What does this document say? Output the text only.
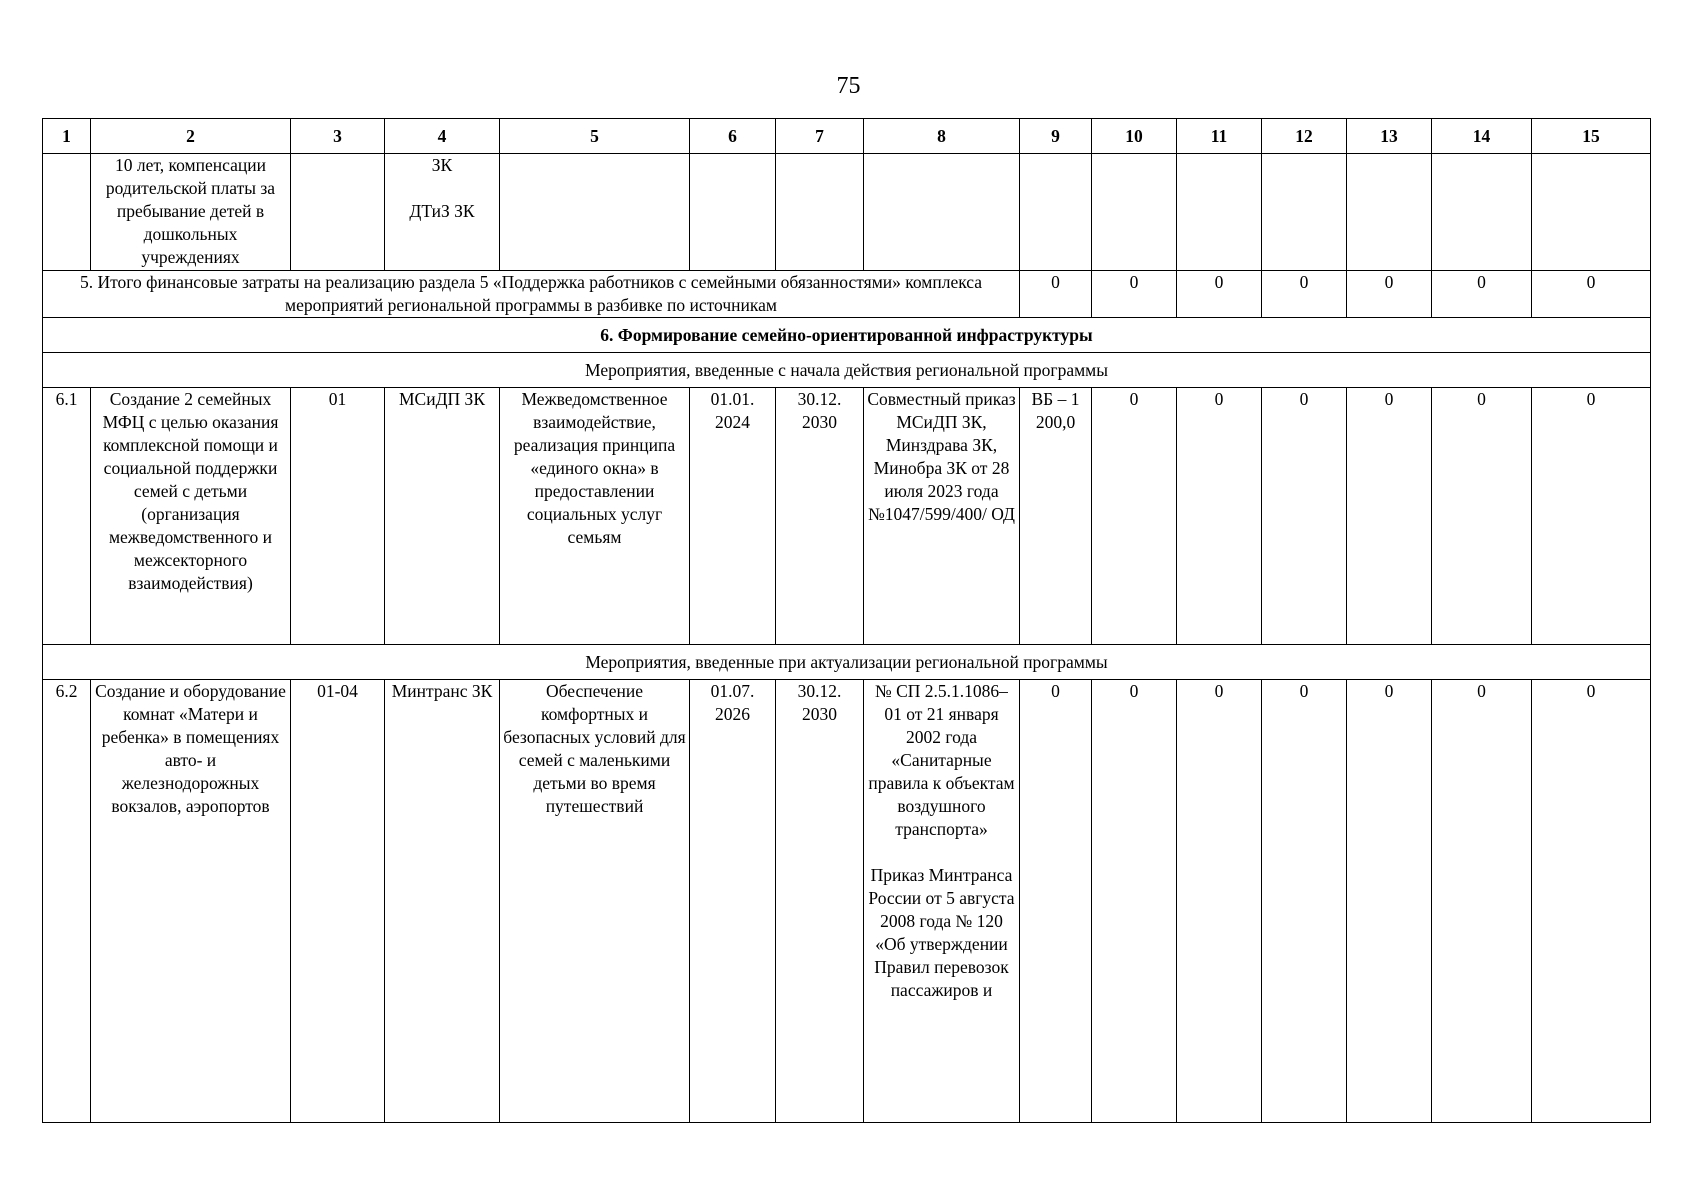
75
1	2	3	4	5	6	7	8	9	10	11	12	13	14	15
	10 лет, компенсации родительской платы за пребывание детей в дошкольных учреждениях		ЗК

ДТиЗ ЗК											
5. Итого финансовые затраты на реализацию раздела 5 «Поддержка работников с семейными обязанностями» комплекса мероприятий региональной программы в разбивке по источникам								0	0	0	0	0	0	0
6. Формирование семейно-ориентированной инфраструктуры														
Мероприятия, введенные с начала действия региональной программы														
6.1	Создание 2 семейных МФЦ с целью оказания комплексной помощи и социальной поддержки семей с детьми (организация межведомственного и межсекторного взаимодействия)	01	МСиДП ЗК	Межведомственное взаимодействие, реализация принципа «единого окна» в предоставлении социальных услуг семьям	01.01. 2024	30.12. 2030	Совместный приказ МСиДП ЗК, Минздрава ЗК, Минобра ЗК от 28 июля 2023 года №1047/599/400/ ОД	ВБ – 1 200,0	0	0	0	0	0	0
Мероприятия, введенные при актуализации региональной программы														
6.2	Создание и оборудование комнат «Матери и ребенка» в помещениях авто- и железнодорожных вокзалов, аэропортов	01-04	Минтранс ЗК	Обеспечение комфортных и безопасных условий для семей с маленькими детьми во время путешествий	01.07. 2026	30.12. 2030	№ СП 2.5.1.1086–01 от 21 января 2002 года «Санитарные правила к объектам воздушного транспорта»

Приказ Минтранса России от 5 августа 2008 года № 120 «Об утверждении Правил перевозок пассажиров и	0	0	0	0	0	0	0
